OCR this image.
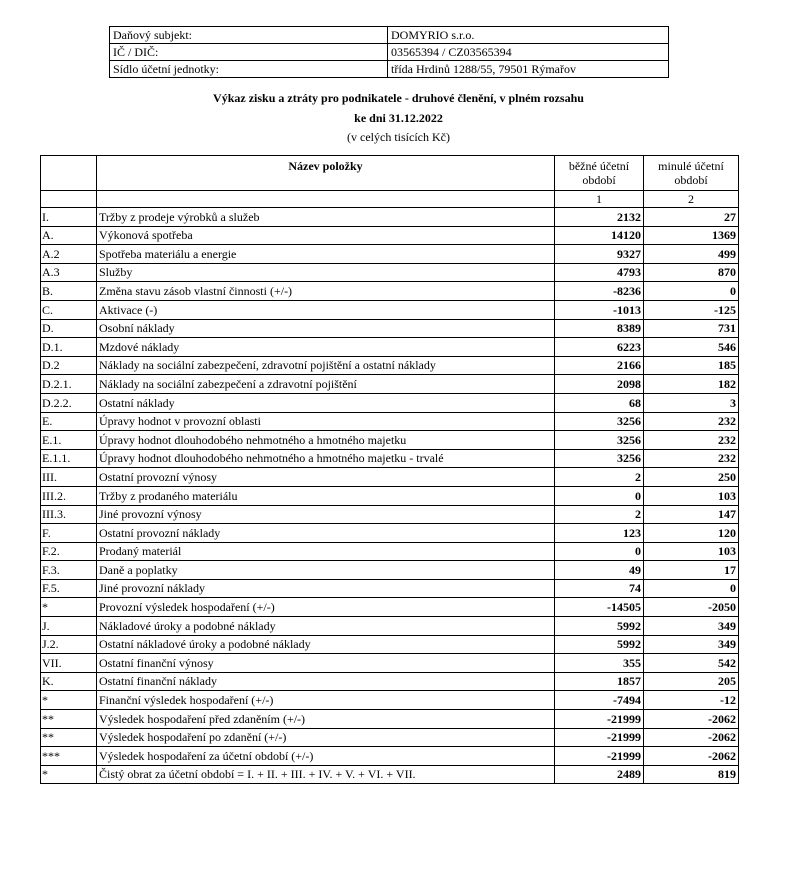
Daňový subjekt:	DOMYRIO s.r.o.
IČ / DIČ:	03565394 / CZ03565394
Sídlo účetní jednotky:	třída Hrdinů 1288/55, 79501 Rýmařov
Výkaz zisku a ztráty pro podnikatele - druhové členění, v plném rozsahu
ke dni 31.12.2022
(v celých tisících Kč)
	Název položky	běžné účetní období	minulé účetní období
		1	2
I.	Tržby z prodeje výrobků a služeb	2132	27
A.	Výkonová spotřeba	14120	1369
A.2	Spotřeba materiálu a energie	9327	499
A.3	Služby	4793	870
B.	Změna stavu zásob vlastní činnosti (+/-)	-8236	0
C.	Aktivace (-)	-1013	-125
D.	Osobní náklady	8389	731
D.1.	Mzdové náklady	6223	546
D.2	Náklady na sociální zabezpečení, zdravotní pojištění a ostatní náklady	2166	185
D.2.1.	Náklady na sociální zabezpečení a zdravotní pojištění	2098	182
D.2.2.	Ostatní náklady	68	3
E.	Úpravy hodnot v provozní oblasti	3256	232
E.1.	Úpravy hodnot dlouhodobého nehmotného a hmotného majetku	3256	232
E.1.1.	Úpravy hodnot dlouhodobého nehmotného a hmotného majetku - trvalé	3256	232
III.	Ostatní provozní výnosy	2	250
III.2.	Tržby z prodaného materiálu	0	103
III.3.	Jiné provozní výnosy	2	147
F.	Ostatní provozní náklady	123	120
F.2.	Prodaný materiál	0	103
F.3.	Daně a poplatky	49	17
F.5.	Jiné provozní náklady	74	0
*	Provozní výsledek hospodaření (+/-)	-14505	-2050
J.	Nákladové úroky a podobné náklady	5992	349
J.2.	Ostatní nákladové úroky a podobné náklady	5992	349
VII.	Ostatní finanční výnosy	355	542
K.	Ostatní finanční náklady	1857	205
*	Finanční výsledek hospodaření (+/-)	-7494	-12
**	Výsledek hospodaření před zdaněním (+/-)	-21999	-2062
**	Výsledek hospodaření po zdanění (+/-)	-21999	-2062
***	Výsledek hospodaření za účetní období (+/-)	-21999	-2062
*	Čistý obrat za účetní období = I. + II. + III. + IV. + V. + VI. + VII.	2489	819
